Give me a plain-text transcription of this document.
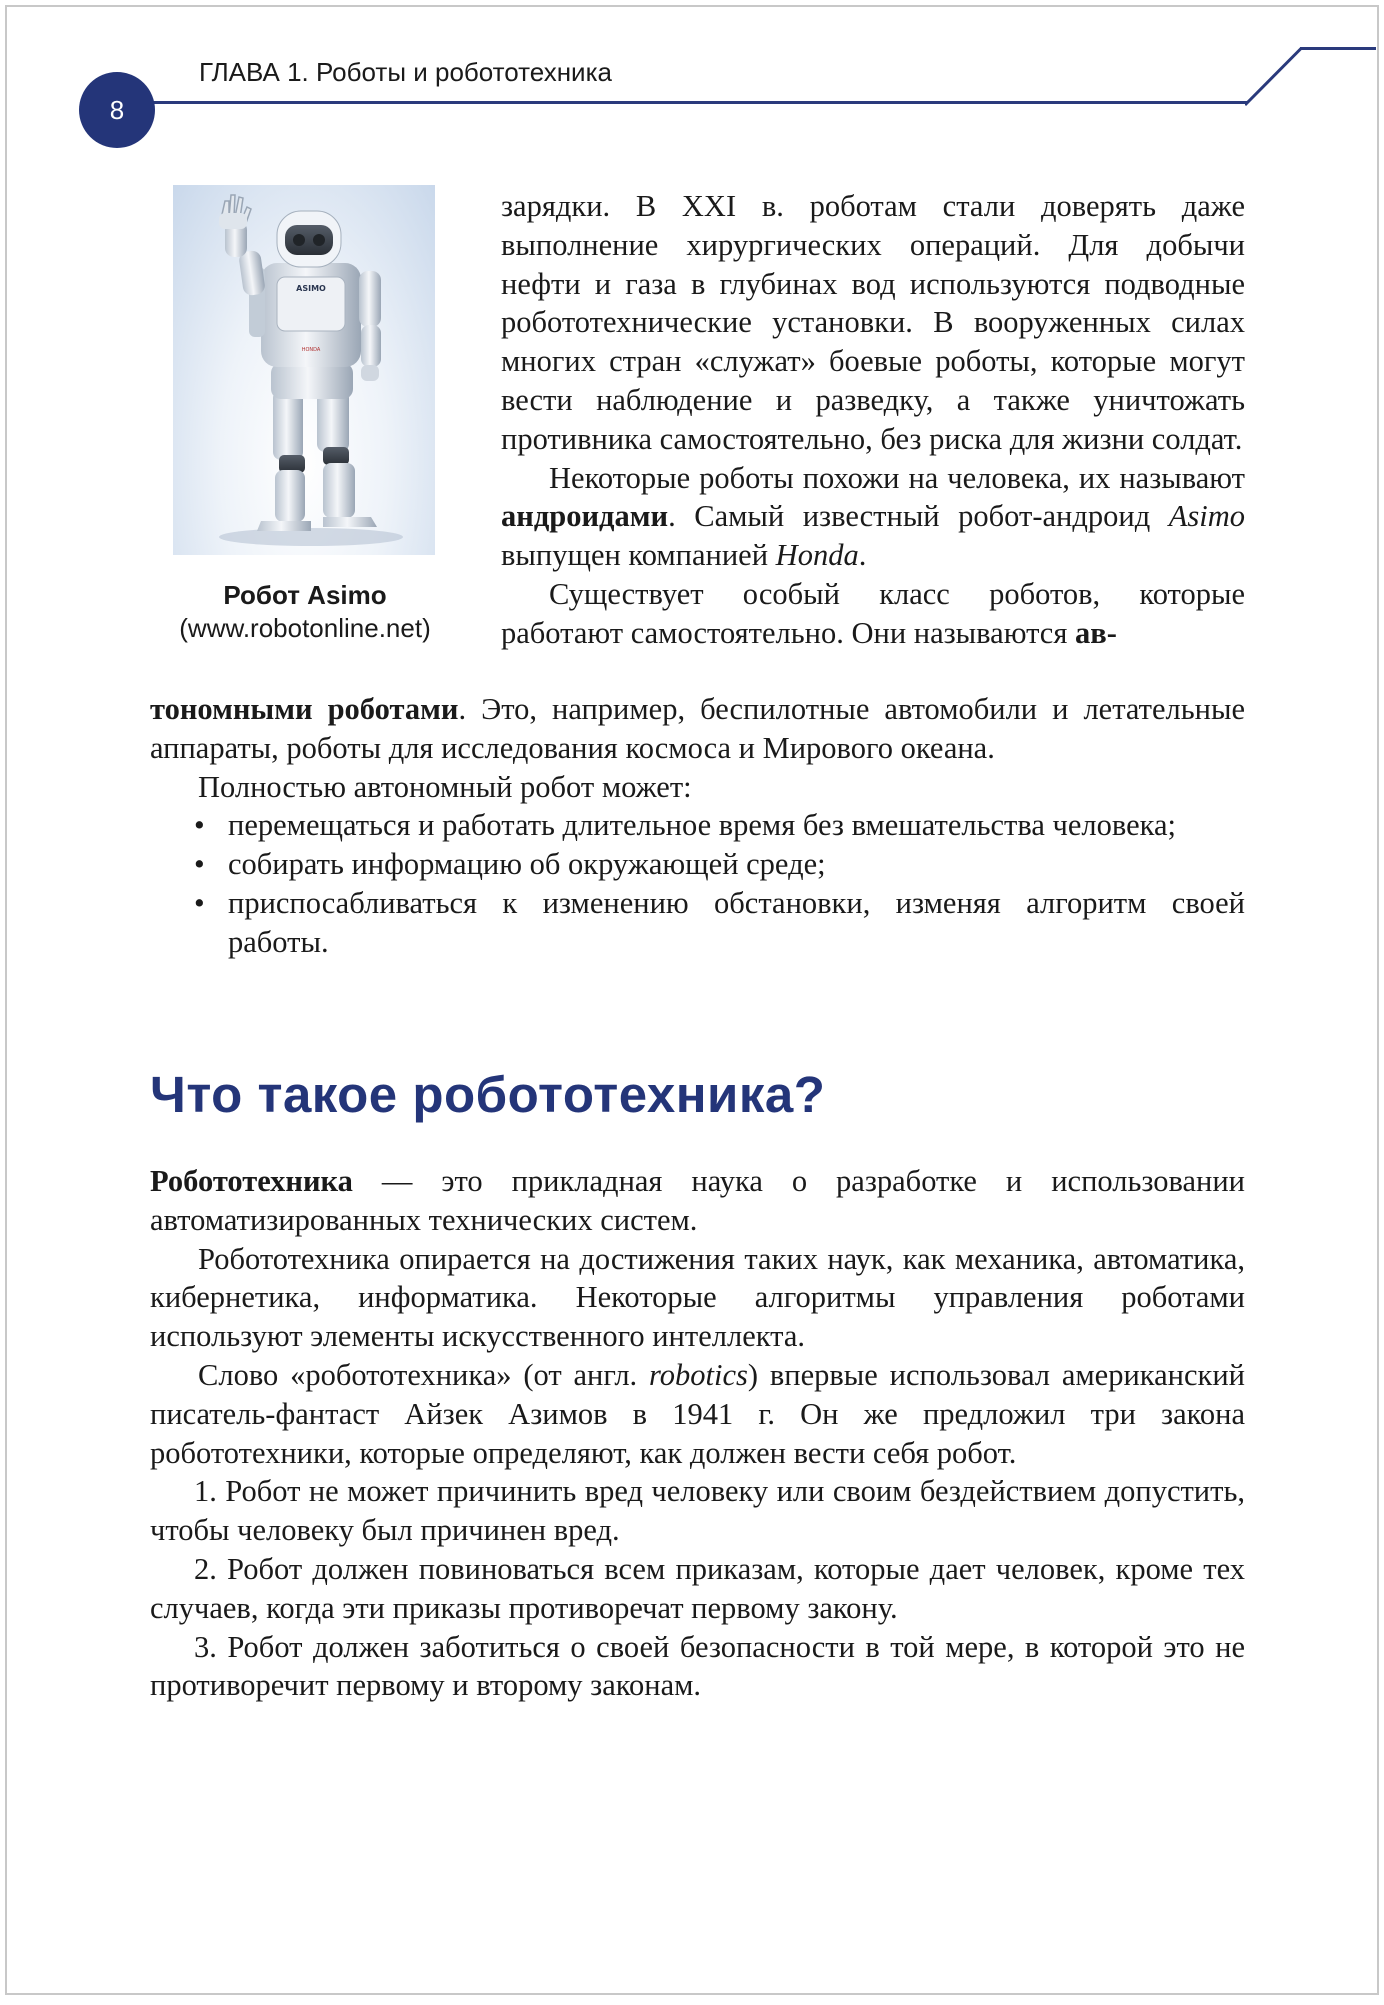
8
ГЛАВА 1. Роботы и робототехника
ASIMO
HONDA
Робот Asimo
(www.robotonline.net)

зарядки. В XXI в. роботам стали доверять даже выполнение хирургических операций. Для добычи нефти и газа в глубинах вод используются подводные робототехнические установки. В вооруженных силах многих стран «служат» боевые роботы, которые могут вести наблюдение и разведку, а также уничтожать противника самостоятельно, без риска для жизни солдат.

Некоторые роботы похожи на человека, их называют андроидами. Самый известный робот-андроид Asimo выпущен компанией Honda.

Существует особый класс роботов, которые работают самостоятельно. Они называются ав-

тономными роботами. Это, например, беспилотные автомобили и летательные аппараты, роботы для исследования космоса и Мирового океана.

Полностью автономный робот может:

• перемещаться и работать длительное время без вмешательства человека;
• собирать информацию об окружающей среде;
• приспосабливаться к изменению обстановки, изменяя алгоритм своей работы.
Что такое робототехника?

Робототехника — это прикладная наука о разработке и использовании автоматизированных технических систем.

Робототехника опирается на достижения таких наук, как механика, автоматика, кибернетика, информатика. Некоторые алгоритмы управления роботами используют элементы искусственного интеллекта.

Слово «робототехника» (от англ. robotics) впервые использовал американский писатель-фантаст Айзек Азимов в 1941 г. Он же предложил три закона робототехники, которые определяют, как должен вести себя робот.

1. Робот не может причинить вред человеку или своим бездействием допустить, чтобы человеку был причинен вред.
2. Робот должен повиноваться всем приказам, которые дает человек, кроме тех случаев, когда эти приказы противоречат первому закону.
3. Робот должен заботиться о своей безопасности в той мере, в которой это не противоречит первому и второму законам.
